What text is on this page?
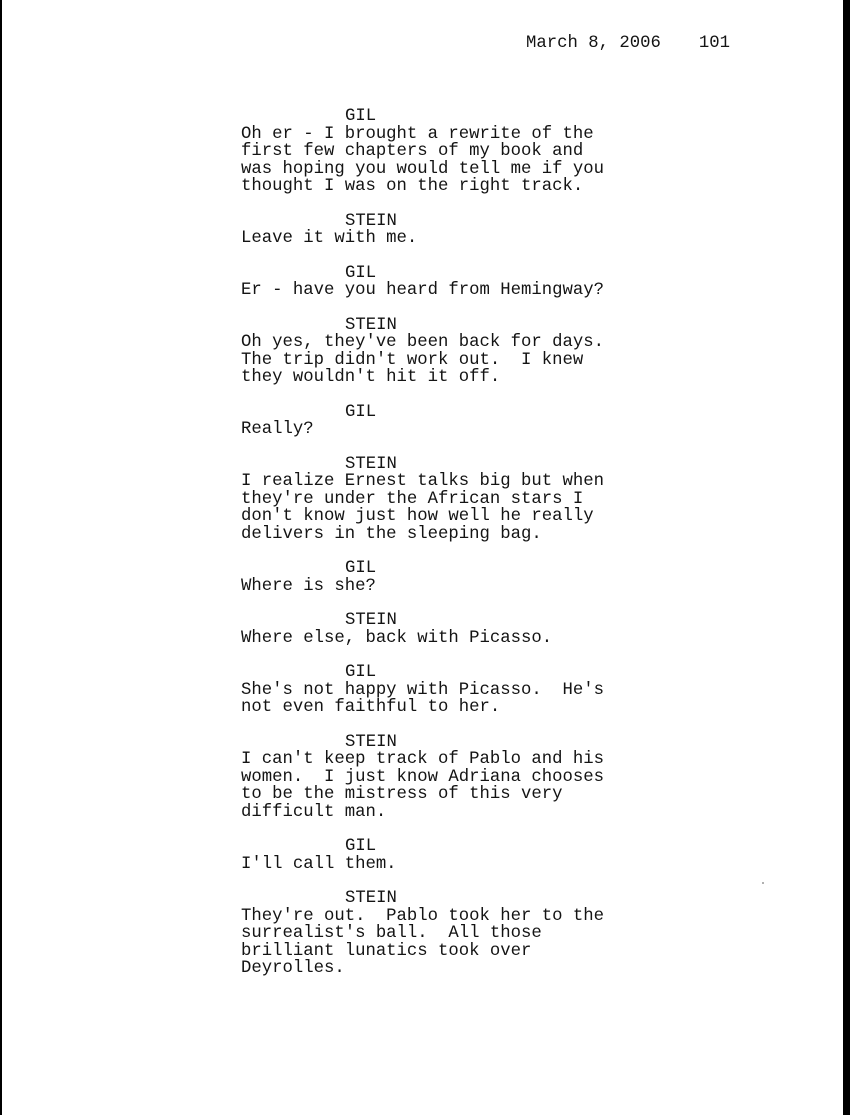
March 8, 2006 101
GIL
Oh er - I brought a rewrite of the
first few chapters of my book and
was hoping you would tell me if you
thought I was on the right track.
STEIN
Leave it with me.
GIL
Er - have you heard from Hemingway?
STEIN
Oh yes, they've been back for days.
The trip didn't work out.  I knew
they wouldn't hit it off.
GIL
Really?
STEIN
I realize Ernest talks big but when
they're under the African stars I
don't know just how well he really
delivers in the sleeping bag.
GIL
Where is she?
STEIN
Where else, back with Picasso.
GIL
She's not happy with Picasso.  He's
not even faithful to her.
STEIN
I can't keep track of Pablo and his
women.  I just know Adriana chooses
to be the mistress of this very
difficult man.
GIL
I'll call them.
STEIN
They're out.  Pablo took her to the
surrealist's ball.  All those
brilliant lunatics took over
Deyrolles.
